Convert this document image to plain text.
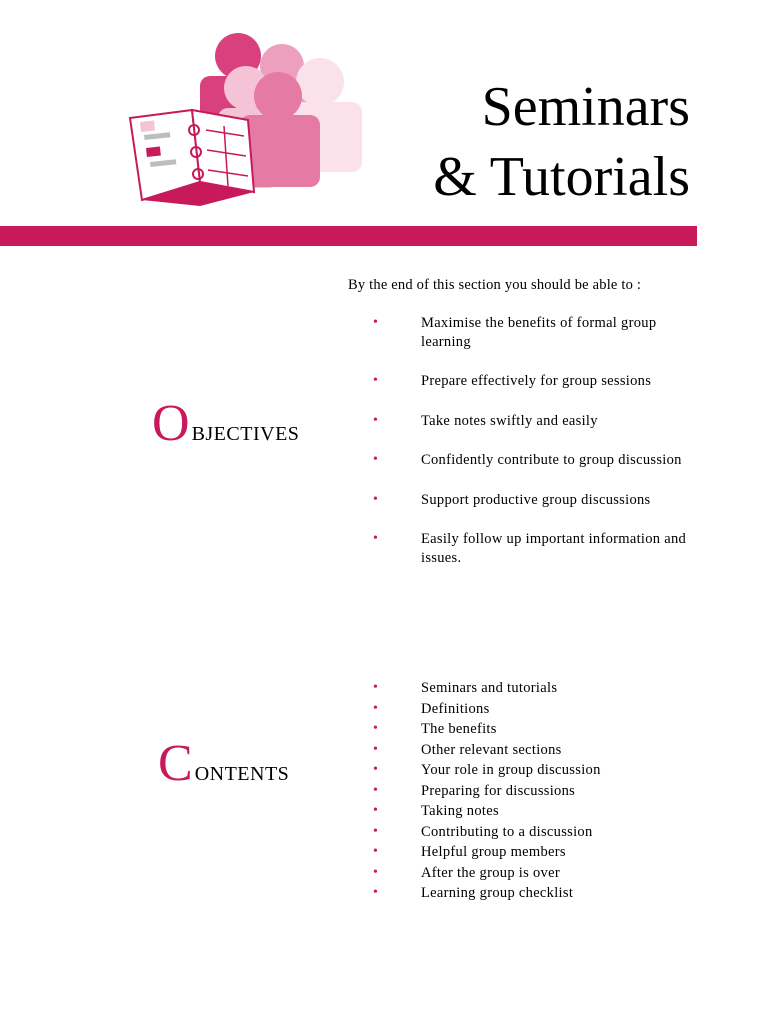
Seminars
& Tutorials

By the end of this section you should be able to :

OBJECTIVES
•	Maximise the benefits of formal group learning
•	Prepare effectively for group sessions
•	Take notes swiftly and easily
•	Confidently contribute to group discussion
•	Support productive group discussions
•	Easily follow up important information and issues.
CONTENTS
•	Seminars and tutorials
•	Definitions
•	The benefits
•	Other relevant sections
•	Your role in group discussion
•	Preparing for discussions
•	Taking notes
•	Contributing to a discussion
•	Helpful group members
•	After the group is over
•	Learning group checklist
